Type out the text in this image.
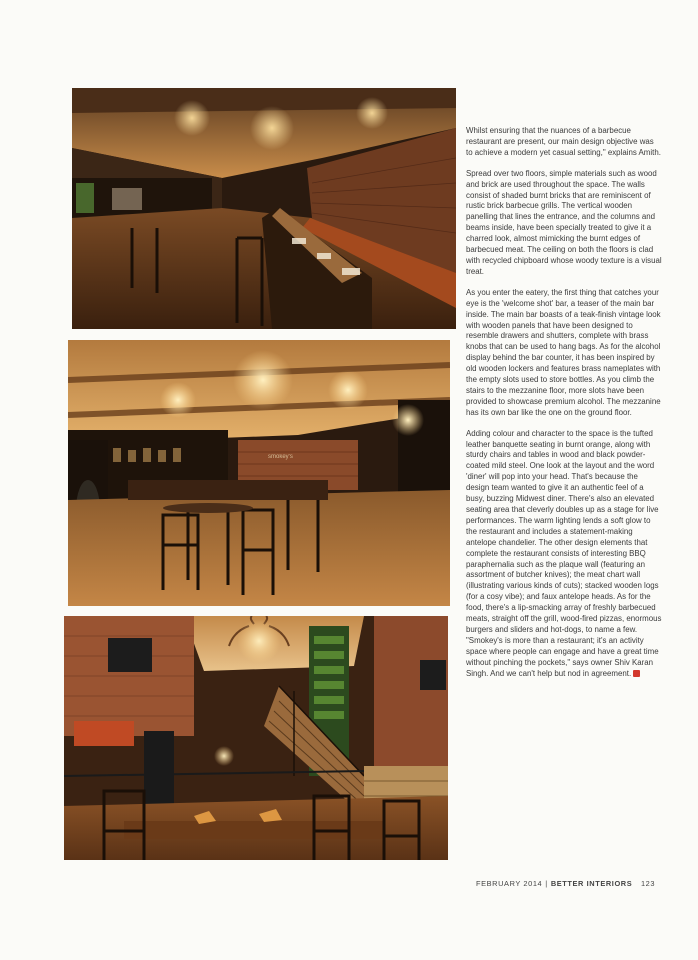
smokey's

Whilst ensuring that the nuances of a barbecue restaurant are present, our main design objective was to achieve a modern yet casual setting," explains Amith.

Spread over two floors, simple materials such as wood and brick are used throughout the space. The walls consist of shaded burnt bricks that are reminiscent of rustic brick barbecue grills. The vertical wooden panelling that lines the entrance, and the columns and beams inside, have been specially treated to give it a charred look, almost mimicking the burnt edges of barbecued meat. The ceiling on both the floors is clad with recycled chipboard whose woody texture is a visual treat.

As you enter the eatery, the first thing that catches your eye is the 'welcome shot' bar, a teaser of the main bar inside. The main bar boasts of a teak-finish vintage look with wooden panels that have been designed to resemble drawers and shutters, complete with brass knobs that can be used to hang bags. As for the alcohol display behind the bar counter, it has been inspired by old wooden lockers and features brass nameplates with the empty slots used to store bottles. As you climb the stairs to the mezzanine floor, more slots have been provided to showcase premium alcohol. The mezzanine has its own bar like the one on the ground floor.

Adding colour and character to the space is the tufted leather banquette seating in burnt orange, along with sturdy chairs and tables in wood and black powder-coated mild steel. One look at the layout and the word 'diner' will pop into your head. That's because the design team wanted to give it an authentic feel of a busy, buzzing Midwest diner. There's also an elevated seating area that cleverly doubles up as a stage for live performances. The warm lighting lends a soft glow to the restaurant and includes a statement-making antelope chandelier. The other design elements that complete the restaurant consists of interesting BBQ paraphernalia such as the plaque wall (featuring an assortment of butcher knives); the meat chart wall (illustrating various kinds of cuts); stacked wooden logs (for a cosy vibe); and faux antelope heads. As for the food, there's a lip-smacking array of freshly barbecued meats, straight off the grill, wood-fired pizzas, enormous burgers and sliders and hot-dogs, to name a few. "Smokey's is more than a restaurant; it's an activity space where people can engage and have a great time without pinching the pockets," says owner Shiv Karan Singh. And we can't help but nod in agreement.

FEBRUARY 2014 | BETTER INTERIORS 123
